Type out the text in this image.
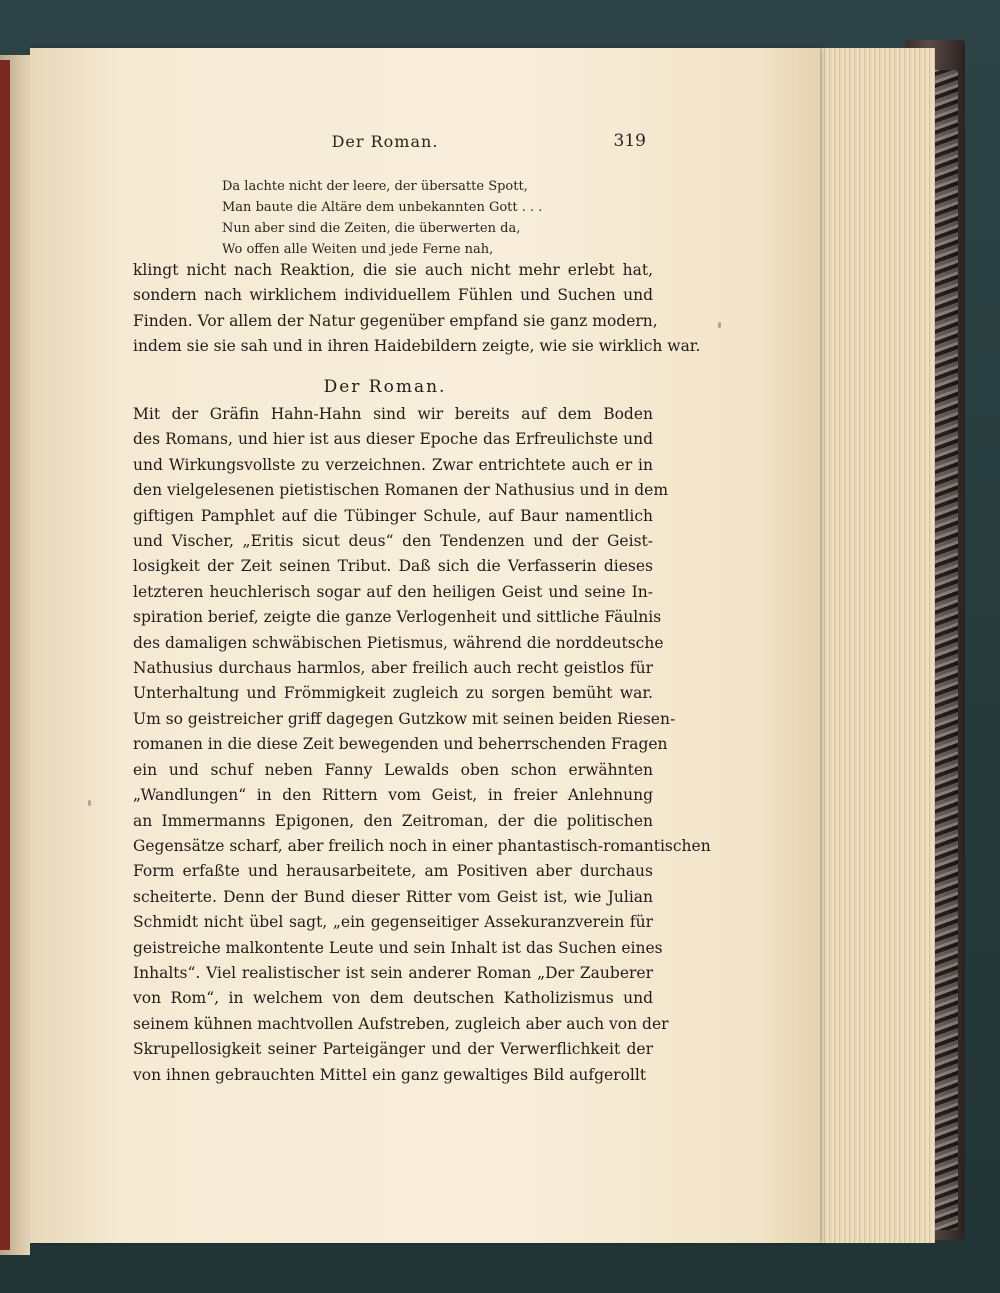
Der Roman.	319
Da lachte nicht der leere, der übersatte Spott,
Man baute die Altäre dem unbekannten Gott . . .
Nun aber sind die Zeiten, die überwerten da,
Wo offen alle Weiten und jede Ferne nah,

klingt nicht nach Reaktion, die sie auch nicht mehr erlebt hat,
sondern nach wirklichem individuellem Fühlen und Suchen und
Finden. Vor allem der Natur gegenüber empfand sie ganz modern,
indem sie sie sah und in ihren Haidebildern zeigte, wie sie wirklich war.

Der Roman.

Mit der Gräfin Hahn-Hahn sind wir bereits auf dem Boden
des Romans, und hier ist aus dieser Epoche das Erfreulichste und
und Wirkungsvollste zu verzeichnen. Zwar entrichtete auch er in
den vielgelesenen pietistischen Romanen der Nathusius und in dem
giftigen Pamphlet auf die Tübinger Schule, auf Baur namentlich
und Vischer, „Eritis sicut deus“ den Tendenzen und der Geist-
losigkeit der Zeit seinen Tribut. Daß sich die Verfasserin dieses
letzteren heuchlerisch sogar auf den heiligen Geist und seine In-
spiration berief, zeigte die ganze Verlogenheit und sittliche Fäulnis
des damaligen schwäbischen Pietismus, während die norddeutsche
Nathusius durchaus harmlos, aber freilich auch recht geistlos für
Unterhaltung und Frömmigkeit zugleich zu sorgen bemüht war.
Um so geistreicher griff dagegen Gutzkow mit seinen beiden Riesen-
romanen in die diese Zeit bewegenden und beherrschenden Fragen
ein und schuf neben Fanny Lewalds oben schon erwähnten
„Wandlungen“ in den Rittern vom Geist, in freier Anlehnung
an Immermanns Epigonen, den Zeitroman, der die politischen
Gegensätze scharf, aber freilich noch in einer phantastisch-romantischen
Form erfaßte und herausarbeitete, am Positiven aber durchaus
scheiterte. Denn der Bund dieser Ritter vom Geist ist, wie Julian
Schmidt nicht übel sagt, „ein gegenseitiger Assekuranzverein für
geistreiche malkontente Leute und sein Inhalt ist das Suchen eines
Inhalts“. Viel realistischer ist sein anderer Roman „Der Zauberer
von Rom“, in welchem von dem deutschen Katholizismus und
seinem kühnen machtvollen Aufstreben, zugleich aber auch von der
Skrupellosigkeit seiner Parteigänger und der Verwerflichkeit der
von ihnen gebrauchten Mittel ein ganz gewaltiges Bild aufgerollt
